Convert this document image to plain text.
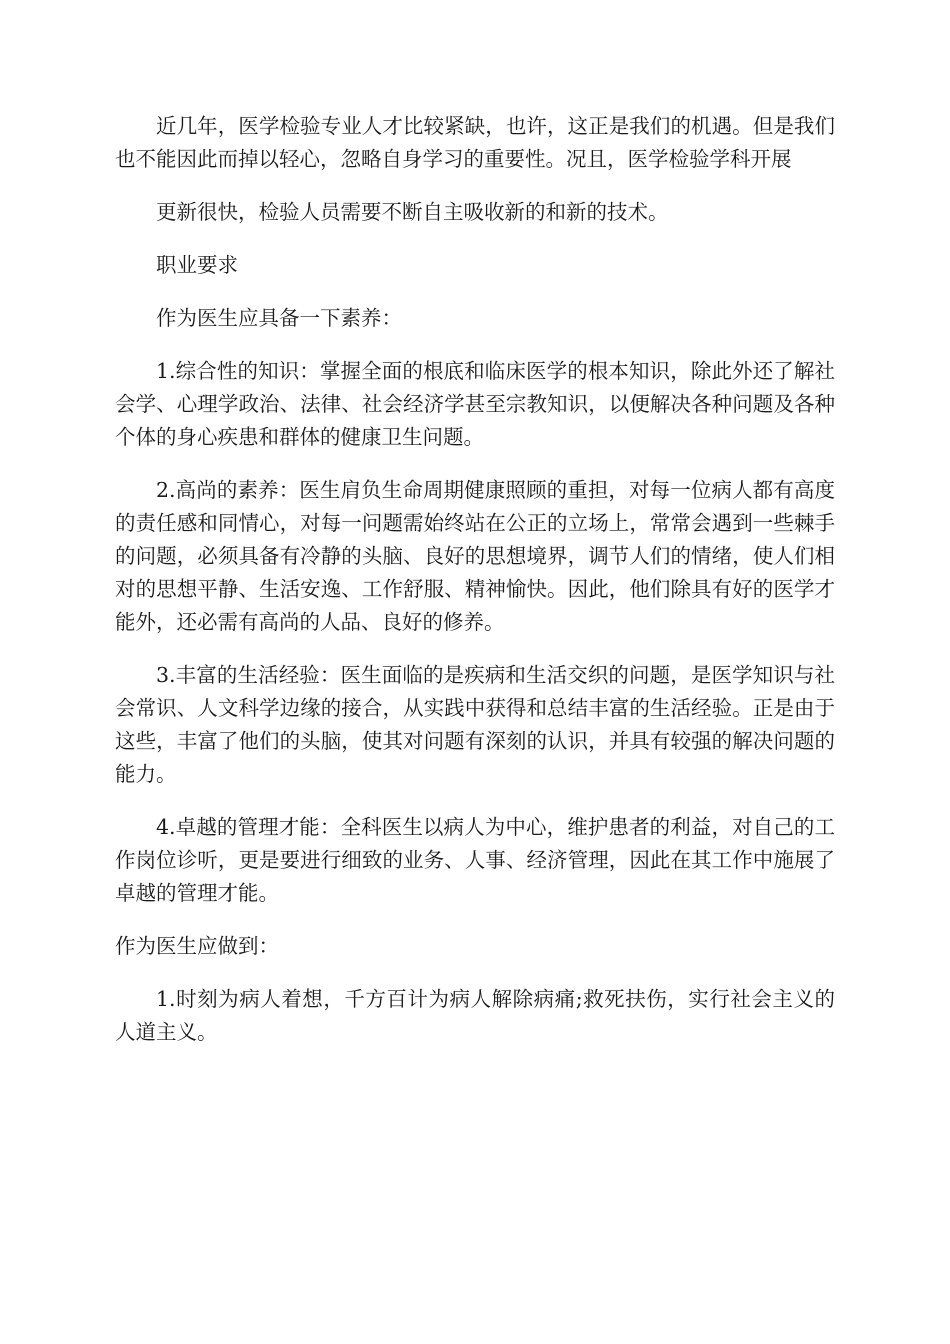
近几年，医学检验专业人才比较紧缺，也许，这正是我们的机遇。但是我们也不能因此而掉以轻心，忽略自身学习的重要性。况且，医学检验学科开展

更新很快，检验人员需要不断自主吸收新的和新的技术。

职业要求

作为医生应具备一下素养：

1.综合性的知识：掌握全面的根底和临床医学的根本知识，除此外还了解社会学、心理学政治、法律、社会经济学甚至宗教知识，以便解决各种问题及各种个体的身心疾患和群体的健康卫生问题。

2.高尚的素养：医生肩负生命周期健康照顾的重担，对每一位病人都有高度的责任感和同情心，对每一问题需始终站在公正的立场上，常常会遇到一些棘手的问题，必须具备有冷静的头脑、良好的思想境界，调节人们的情绪，使人们相对的思想平静、生活安逸、工作舒服、精神愉快。因此，他们除具有好的医学才能外，还必需有高尚的人品、良好的修养。

3.丰富的生活经验：医生面临的是疾病和生活交织的问题，是医学知识与社会常识、人文科学边缘的接合，从实践中获得和总结丰富的生活经验。正是由于这些，丰富了他们的头脑，使其对问题有深刻的认识，并具有较强的解决问题的能力。

4.卓越的管理才能：全科医生以病人为中心，维护患者的利益，对自己的工作岗位诊听，更是要进行细致的业务、人事、经济管理，因此在其工作中施展了卓越的管理才能。

作为医生应做到：

1.时刻为病人着想，千方百计为病人解除病痛;救死扶伤，实行社会主义的人道主义。
